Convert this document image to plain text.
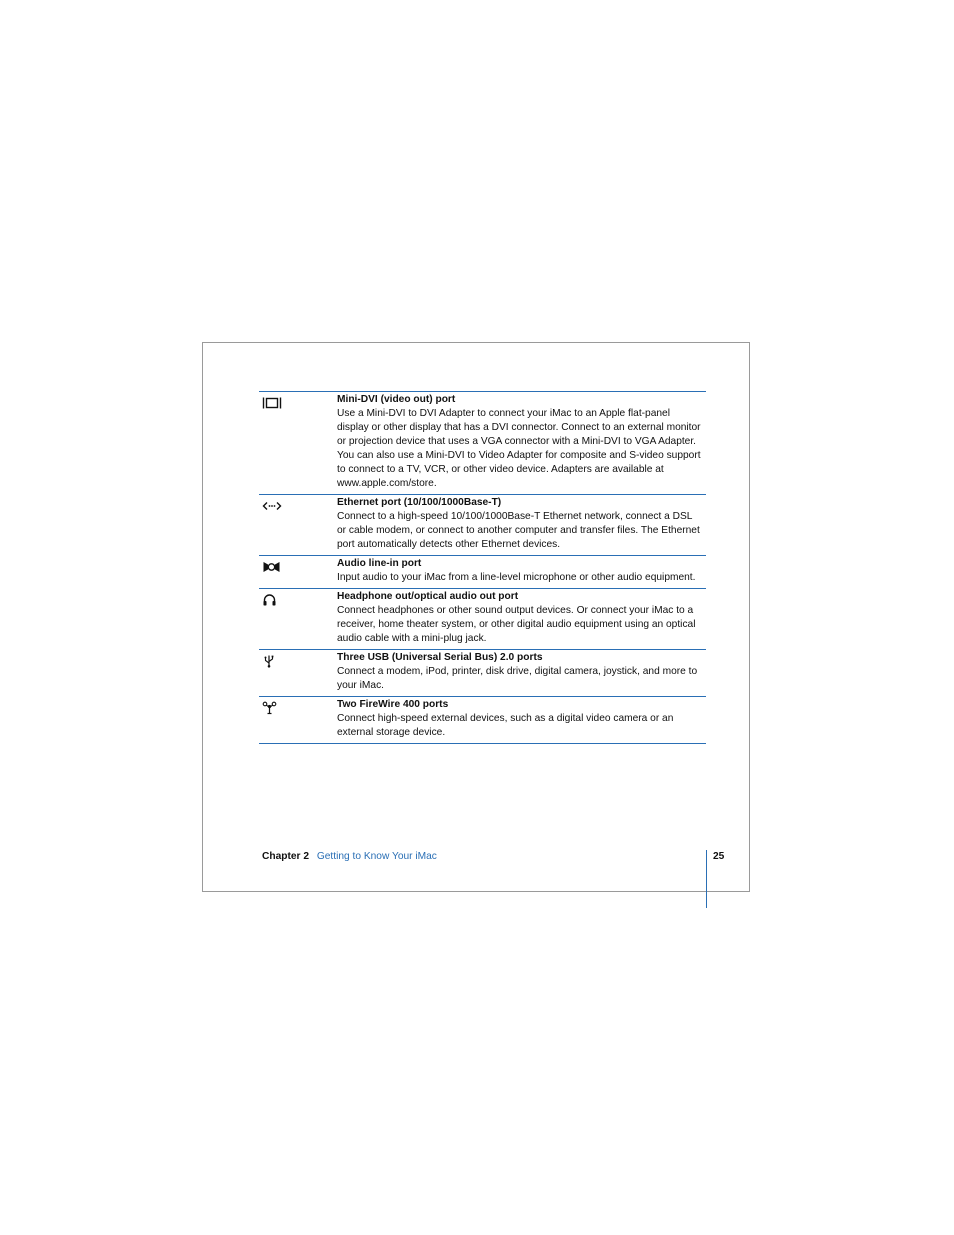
Mini-DVI (video out) port

Use a Mini-DVI to DVI Adapter to connect your iMac to an Apple flat-panel display or other display that has a DVI connector. Connect to an external monitor or projection device that uses a VGA connector with a Mini-DVI to VGA Adapter. You can also use a Mini-DVI to Video Adapter for composite and S-video support to connect to a TV, VCR, or other video device. Adapters are available at www.apple.com/store.

Ethernet port (10/100/1000Base-T)

Connect to a high-speed 10/100/1000Base-T Ethernet network, connect a DSL or cable modem, or connect to another computer and transfer files. The Ethernet port automatically detects other Ethernet devices.

Audio line-in port

Input audio to your iMac from a line-level microphone or other audio equipment.

Headphone out/optical audio out port

Connect headphones or other sound output devices. Or connect your iMac to a receiver, home theater system, or other digital audio equipment using an optical audio cable with a mini-plug jack.

Three USB (Universal Serial Bus) 2.0 ports

Connect a modem, iPod, printer, disk drive, digital camera, joystick, and more to your iMac.

Two FireWire 400 ports

Connect high-speed external devices, such as a digital video camera or an external storage device.

Chapter 2 Getting to Know Your iMac	25
